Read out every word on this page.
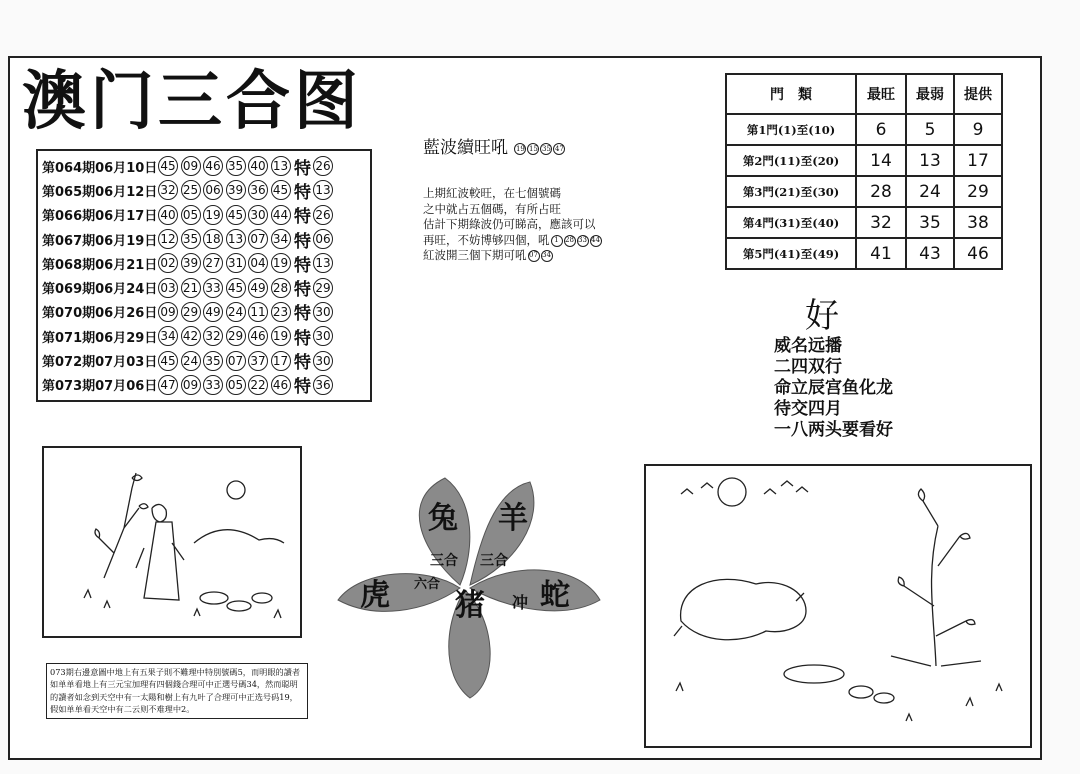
澳门三合图
第064期06月10日 45 09 46 35 40 13 特 26
第065期06月12日 32 25 06 39 36 45 特 13
第066期06月17日 40 05 19 45 30 44 特 26
第067期06月19日 12 35 18 13 07 34 特 06
第068期06月21日 02 39 27 31 04 19 特 13
第069期06月24日 03 21 33 45 49 28 特 29
第070期06月26日 09 29 49 24 11 23 特 30
第071期06月29日 34 42 32 29 46 19 特 30
第072期07月03日 45 24 35 07 37 17 特 30
第073期07月06日 47 09 33 05 22 46 特 36
藍波續旺吼 19 15 35 47
上期紅波較旺，在七個號碼
之中就占五個碼，有所占旺
估計下期綠波仍可睇高，應該可以
再旺，不妨博够四個，吼 1 28 33 44
紅波開三個下期可吼 07 34
門　類	最旺	最弱	提供
第1門(1)至(10)	6	5	9
第2門(11)至(20)	14	13	17
第3門(21)至(30)	28	24	29
第4門(31)至(40)	32	35	38
第5門(41)至(49)	41	43	46
好
威名远播
二四双行
命立辰宫鱼化龙
待交四月
一八两头要看好
兔 羊
虎 猪 蛇
三合 三合
六合
冲
073期右邊意圖中地上有五果子則不難理中特別號碼5，而明眼的讀者如单单看地上有三元宝加理有四個錢合理可中正選号碼34，然而聪明的讀者如念到天空中有一太陽和樹上有九叶了合理可中正选号码19，假如单单看天空中有二云则不难理中2。
